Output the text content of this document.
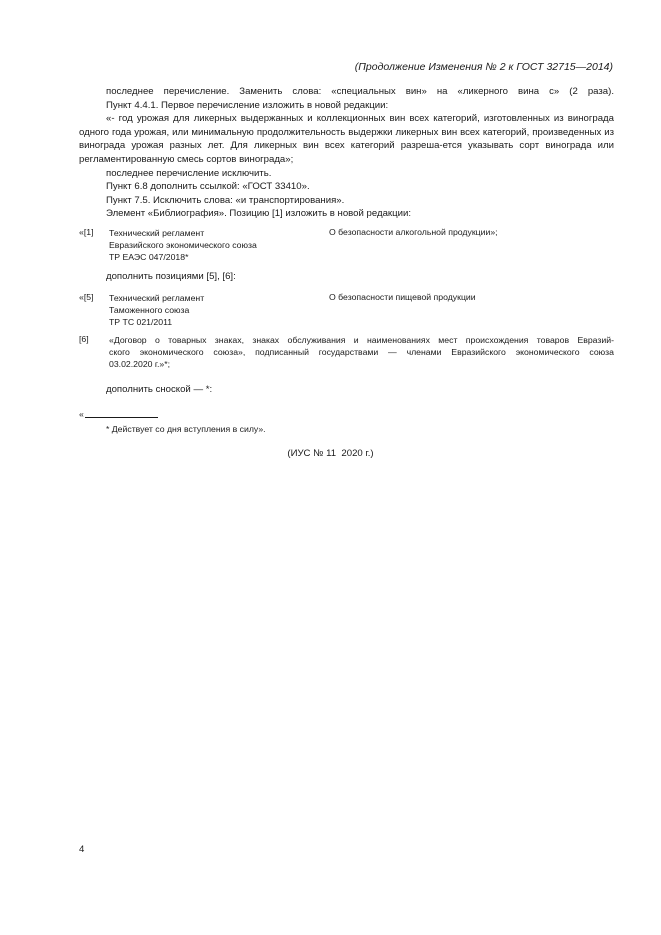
(Продолжение Изменения № 2 к ГОСТ 32715—2014)

последнее перечисление. Заменить слова: «специальных вин» на «ликерного вина с» (2 раза).

Пункт 4.4.1. Первое перечисление изложить в новой редакции:

«- год урожая для ликерных выдержанных и коллекционных вин всех категорий, изготовленных из винограда одного года урожая, или минимальную продолжительность выдержки ликерных вин всех категорий, произведенных из винограда урожая разных лет. Для ликерных вин всех категорий разреша-ется указывать сорт винограда или регламентированную смесь сортов винограда»;

последнее перечисление исключить.

Пункт 6.8 дополнить ссылкой: «ГОСТ 33410».

Пункт 7.5. Исключить слова: «и транспортирования».

Элемент «Библиография». Позицию [1] изложить в новой редакции:

«[1] Технический регламент
Евразийского экономического союза
ТР ЕАЭС 047/2018*
О безопасности алкогольной продукции»;
дополнить позициями [5], [6]:
«[5] Технический регламент
Таможенного союза
ТР ТС 021/2011
О безопасности пищевой продукции
[6] «Договор о товарных знаках, знаках обслуживания и наименованиях мест происхождения товаров Евразий-
ского экономического союза», подписанный государствами — членами Евразийского экономического союза
03.02.2020 г.»*;
дополнить сноской — *:
«
* Действует со дня вступления в силу».
(ИУС № 11  2020 г.)
4
